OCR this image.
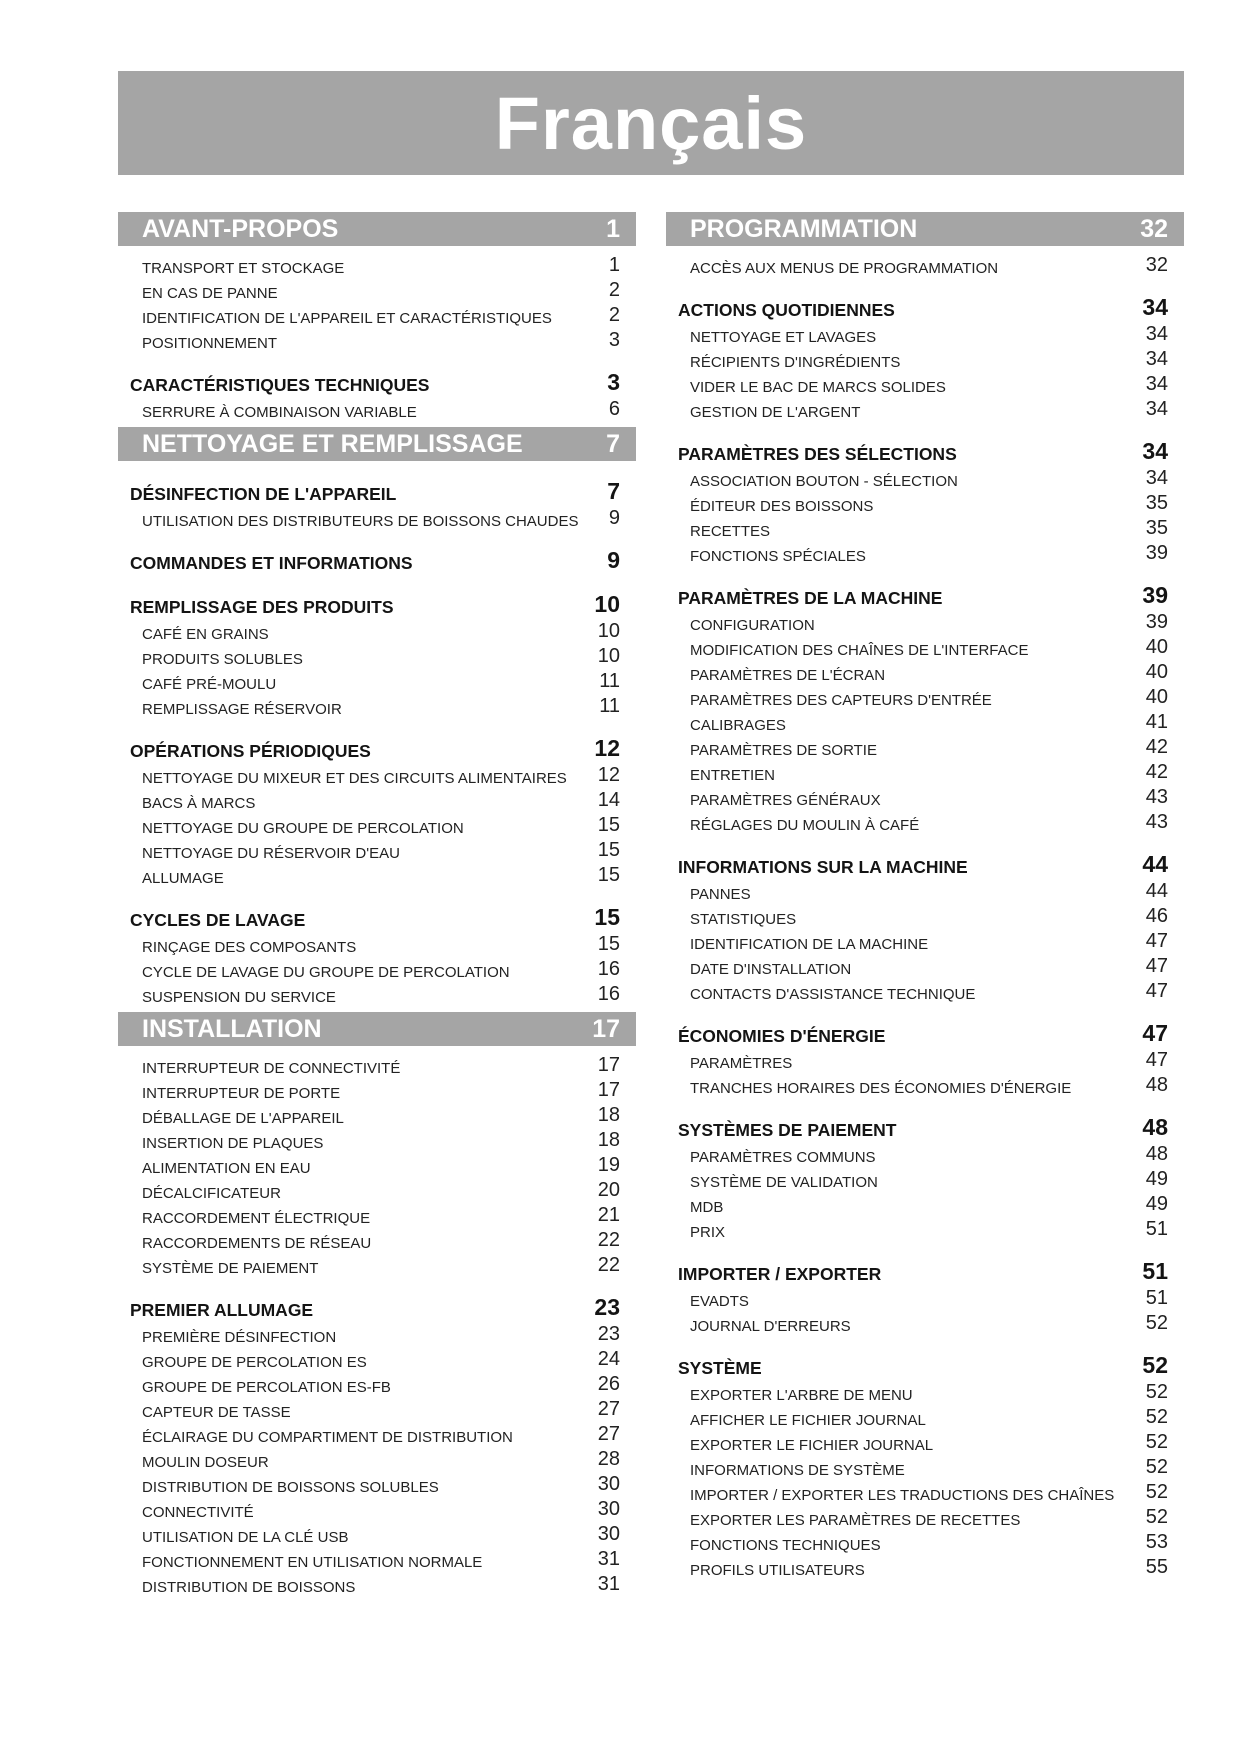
Français
AVANT-PROPOS	1
TRANSPORT ET STOCKAGE	1
EN CAS DE PANNE	2
IDENTIFICATION DE L'APPAREIL ET CARACTÉRISTIQUES	2
POSITIONNEMENT	3
CARACTÉRISTIQUES TECHNIQUES	3
SERRURE À COMBINAISON VARIABLE	6
NETTOYAGE ET REMPLISSAGE	7
DÉSINFECTION DE L'APPAREIL	7
UTILISATION DES DISTRIBUTEURS DE BOISSONS CHAUDES 9
COMMANDES ET INFORMATIONS	9
REMPLISSAGE DES PRODUITS	10
CAFÉ EN GRAINS	10
PRODUITS SOLUBLES	10
CAFÉ PRÉ-MOULU	11
REMPLISSAGE RÉSERVOIR	11
OPÉRATIONS PÉRIODIQUES	12
NETTOYAGE DU MIXEUR ET DES CIRCUITS ALIMENTAIRES 12
BACS À MARCS	14
NETTOYAGE DU GROUPE DE PERCOLATION	15
NETTOYAGE DU RÉSERVOIR D'EAU	15
ALLUMAGE	15
CYCLES DE LAVAGE	15
RINÇAGE DES COMPOSANTS	15
CYCLE DE LAVAGE DU GROUPE DE PERCOLATION	16
SUSPENSION DU SERVICE	16
INSTALLATION	17
INTERRUPTEUR DE CONNECTIVITÉ	17
INTERRUPTEUR DE PORTE	17
DÉBALLAGE DE L'APPAREIL	18
INSERTION DE PLAQUES	18
ALIMENTATION EN EAU	19
DÉCALCIFICATEUR	20
RACCORDEMENT ÉLECTRIQUE	21
RACCORDEMENTS DE RÉSEAU	22
SYSTÈME DE PAIEMENT	22
PREMIER ALLUMAGE	23
PREMIÈRE DÉSINFECTION	23
GROUPE DE PERCOLATION ES	24
GROUPE DE PERCOLATION ES-FB	26
CAPTEUR DE TASSE	27
ÉCLAIRAGE DU COMPARTIMENT DE DISTRIBUTION	27
MOULIN DOSEUR	28
DISTRIBUTION DE BOISSONS SOLUBLES	30
CONNECTIVITÉ	30
UTILISATION DE LA CLÉ USB	30
FONCTIONNEMENT EN UTILISATION NORMALE	31
DISTRIBUTION DE BOISSONS	31
PROGRAMMATION	32
ACCÈS AUX MENUS DE PROGRAMMATION	32
ACTIONS QUOTIDIENNES	34
NETTOYAGE ET LAVAGES	34
RÉCIPIENTS D'INGRÉDIENTS	34
VIDER LE BAC DE MARCS SOLIDES	34
GESTION DE L'ARGENT	34
PARAMÈTRES DES SÉLECTIONS	34
ASSOCIATION BOUTON - SÉLECTION	34
ÉDITEUR DES BOISSONS	35
RECETTES	35
FONCTIONS SPÉCIALES	39
PARAMÈTRES DE LA MACHINE	39
CONFIGURATION	39
MODIFICATION DES CHAÎNES DE L'INTERFACE	40
PARAMÈTRES DE L'ÉCRAN	40
PARAMÈTRES DES CAPTEURS D'ENTRÉE	40
CALIBRAGES	41
PARAMÈTRES DE SORTIE	42
ENTRETIEN	42
PARAMÈTRES GÉNÉRAUX	43
RÉGLAGES DU MOULIN À CAFÉ	43
INFORMATIONS SUR LA MACHINE	44
PANNES	44
STATISTIQUES	46
IDENTIFICATION DE LA MACHINE	47
DATE D'INSTALLATION	47
CONTACTS D'ASSISTANCE TECHNIQUE	47
ÉCONOMIES D'ÉNERGIE	47
PARAMÈTRES	47
TRANCHES HORAIRES DES ÉCONOMIES D'ÉNERGIE	48
SYSTÈMES DE PAIEMENT	48
PARAMÈTRES COMMUNS	48
SYSTÈME DE VALIDATION	49
MDB	49
PRIX	51
IMPORTER / EXPORTER	51
EVADTS	51
JOURNAL D'ERREURS	52
SYSTÈME	52
EXPORTER L'ARBRE DE MENU	52
AFFICHER LE FICHIER JOURNAL	52
EXPORTER LE FICHIER JOURNAL	52
INFORMATIONS DE SYSTÈME	52
IMPORTER / EXPORTER LES TRADUCTIONS DES CHAÎNES 52
EXPORTER LES PARAMÈTRES DE RECETTES	52
FONCTIONS TECHNIQUES	53
PROFILS UTILISATEURS	55
